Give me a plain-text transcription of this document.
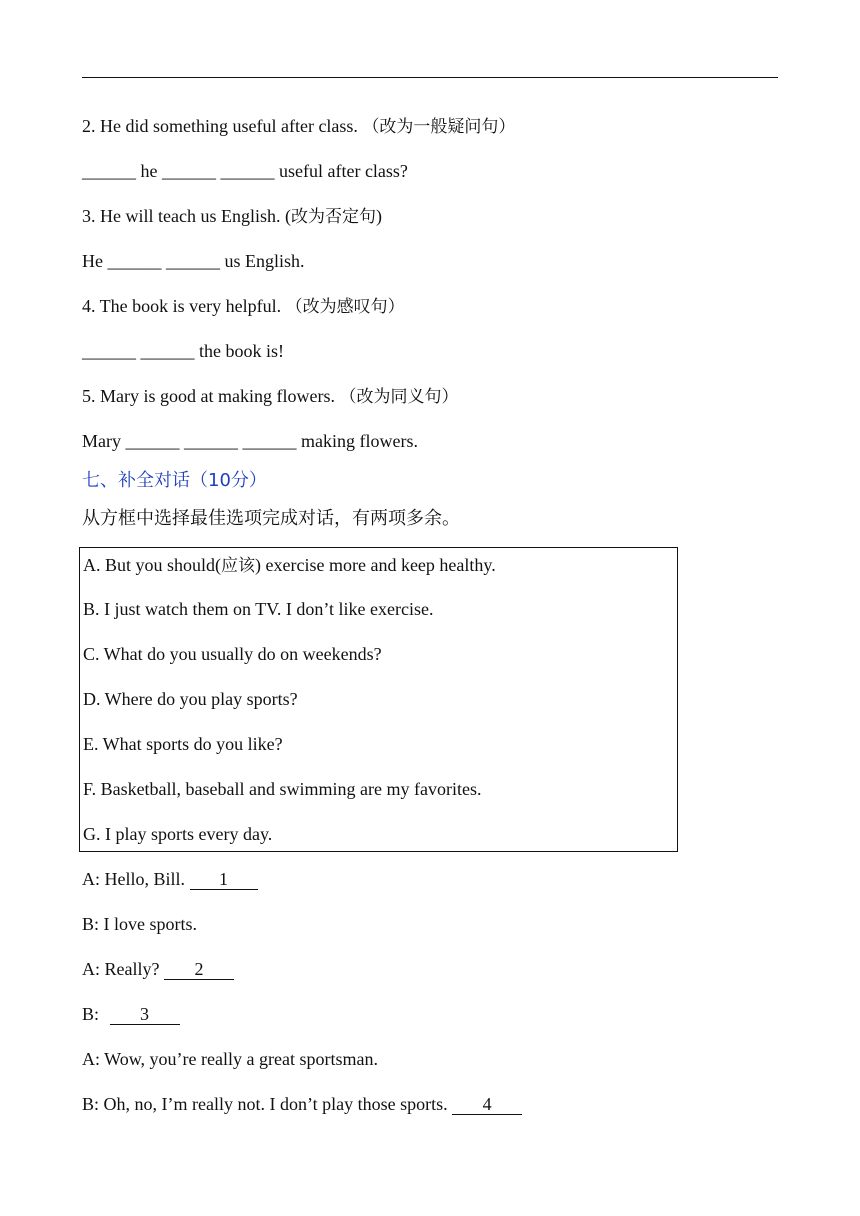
2. He did something useful after class. （改为一般疑问句）
______ he ______ ______ useful after class?
3. He will teach us English. (改为否定句)
He ______ ______ us English.
4. The book is very helpful. （改为感叹句）
______ ______ the book is!
5. Mary is good at making flowers. （改为同义句）
Mary ______ ______ ______ making flowers.
七、补全对话（10分）
从方框中选择最佳选项完成对话，有两项多余。
A. But you should(应该) exercise more and keep healthy.
B. I just watch them on TV. I don’t like exercise.
C. What do you usually do on weekends?
D. Where do you play sports?
E. What sports do you like?
F. Basketball, baseball and swimming are my favorites.
G. I play sports every day.
A: Hello, Bill. 1
B: I love sports.
A: Really? 2
B: 3
A: Wow, you’re really a great sportsman.
B: Oh, no, I’m really not. I don’t play those sports. 4
